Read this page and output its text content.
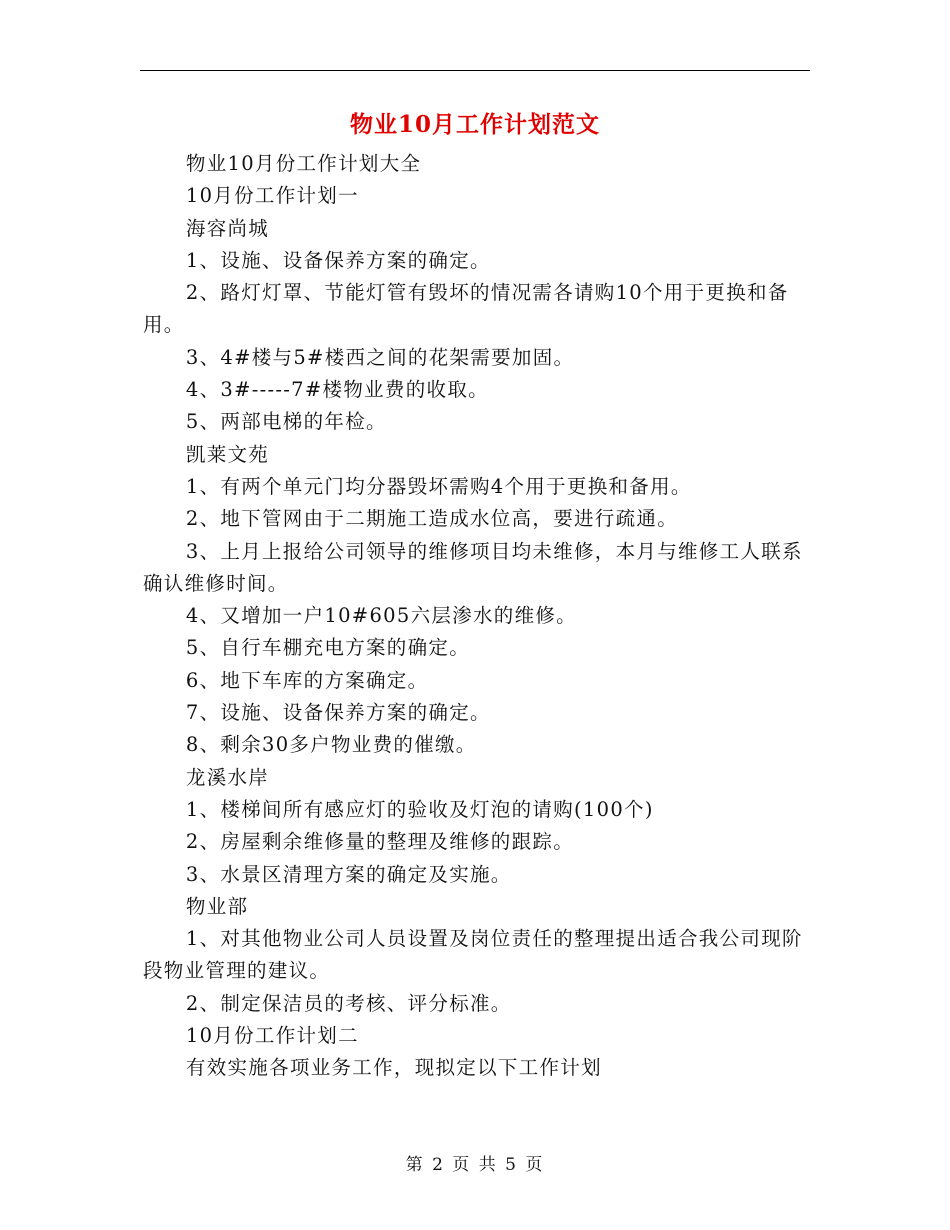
物业10月工作计划范文

物业10月份工作计划大全

10月份工作计划一

海容尚城

1、设施、设备保养方案的确定。

2、路灯灯罩、节能灯管有毁坏的情况需各请购10个用于更换和备用。

3、4#楼与5#楼西之间的花架需要加固。

4、3#-----7#楼物业费的收取。

5、两部电梯的年检。

凯莱文苑

1、有两个单元门均分器毁坏需购4个用于更换和备用。

2、地下管网由于二期施工造成水位高，要进行疏通。

3、上月上报给公司领导的维修项目均未维修，本月与维修工人联系确认维修时间。

4、又增加一户10#605六层渗水的维修。

5、自行车棚充电方案的确定。

6、地下车库的方案确定。

7、设施、设备保养方案的确定。

8、剩余30多户物业费的催缴。

龙溪水岸

1、楼梯间所有感应灯的验收及灯泡的请购(100个)

2、房屋剩余维修量的整理及维修的跟踪。

3、水景区清理方案的确定及实施。

物业部

1、对其他物业公司人员设置及岗位责任的整理提出适合我公司现阶段物业管理的建议。

2、制定保洁员的考核、评分标准。

10月份工作计划二

有效实施各项业务工作，现拟定以下工作计划

第 2 页 共 5 页
